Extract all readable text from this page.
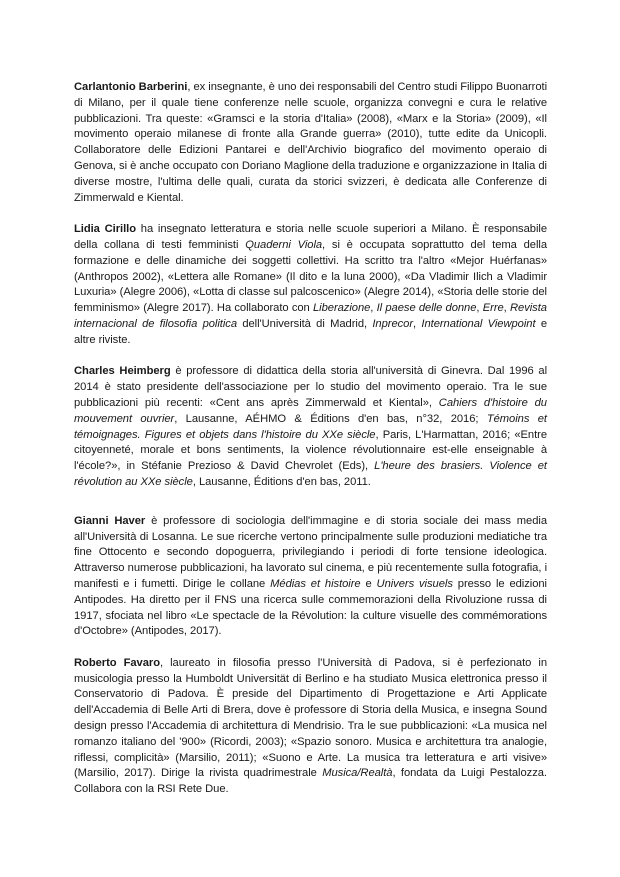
Carlantonio Barberini, ex insegnante, è uno dei responsabili del Centro studi Filippo Buonarroti di Milano, per il quale tiene conferenze nelle scuole, organizza convegni e cura le relative pubblicazioni. Tra queste: «Gramsci e la storia d'Italia» (2008), «Marx e la Storia» (2009), «Il movimento operaio milanese di fronte alla Grande guerra» (2010), tutte edite da Unicopli. Collaboratore delle Edizioni Pantarei e dell'Archivio biografico del movimento operaio di Genova, si è anche occupato con Doriano Maglione della traduzione e organizzazione in Italia di diverse mostre, l'ultima delle quali, curata da storici svizzeri, è dedicata alle Conferenze di Zimmerwald e Kiental.

Lidia Cirillo ha insegnato letteratura e storia nelle scuole superiori a Milano. È responsabile della collana di testi femministi Quaderni Viola, si è occupata soprattutto del tema della formazione e delle dinamiche dei soggetti collettivi. Ha scritto tra l'altro «Mejor Huérfanas» (Anthropos 2002), «Lettera alle Romane» (Il dito e la luna 2000), «Da Vladimir Ilich a Vladimir Luxuria» (Alegre 2006), «Lotta di classe sul palcoscenico» (Alegre 2014), «Storia delle storie del femminismo» (Alegre 2017). Ha collaborato con Liberazione, Il paese delle donne, Erre, Revista internacional de filosofia politica dell'Università di Madrid, Inprecor, International Viewpoint e altre riviste.

Charles Heimberg è professore di didattica della storia all'università di Ginevra. Dal 1996 al 2014 è stato presidente dell'associazione per lo studio del movimento operaio. Tra le sue pubblicazioni più recenti: «Cent ans après Zimmerwald et Kiental», Cahiers d'histoire du mouvement ouvrier, Lausanne, AÉHMO & Éditions d'en bas, n°32, 2016; Témoins et témoignages. Figures et objets dans l'histoire du XXe siècle, Paris, L'Harmattan, 2016; «Entre citoyenneté, morale et bons sentiments, la violence révolutionnaire est-elle enseignable à l'école?», in Stéfanie Prezioso & David Chevrolet (Eds), L'heure des brasiers. Violence et révolution au XXe siècle, Lausanne, Éditions d'en bas, 2011.

Gianni Haver è professore di sociologia dell'immagine e di storia sociale dei mass media all'Università di Losanna. Le sue ricerche vertono principalmente sulle produzioni mediatiche tra fine Ottocento e secondo dopoguerra, privilegiando i periodi di forte tensione ideologica. Attraverso numerose pubblicazioni, ha lavorato sul cinema, e più recentemente sulla fotografia, i manifesti e i fumetti. Dirige le collane Médias et histoire e Univers visuels presso le edizioni Antipodes. Ha diretto per il FNS una ricerca sulle commemorazioni della Rivoluzione russa di 1917, sfociata nel libro «Le spectacle de la Révolution: la culture visuelle des commémorations d'Octobre» (Antipodes, 2017).

Roberto Favaro, laureato in filosofia presso l'Università di Padova, si è perfezionato in musicologia presso la Humboldt Universität di Berlino e ha studiato Musica elettronica presso il Conservatorio di Padova. È preside del Dipartimento di Progettazione e Arti Applicate dell'Accademia di Belle Arti di Brera, dove è professore di Storia della Musica, e insegna Sound design presso l'Accademia di architettura di Mendrisio. Tra le sue pubblicazioni: «La musica nel romanzo italiano del '900» (Ricordi, 2003); «Spazio sonoro. Musica e architettura tra analogie, riflessi, complicità» (Marsilio, 2011); «Suono e Arte. La musica tra letteratura e arti visive» (Marsilio, 2017). Dirige la rivista quadrimestrale Musica/Realtà, fondata da Luigi Pestalozza. Collabora con la RSI Rete Due.
